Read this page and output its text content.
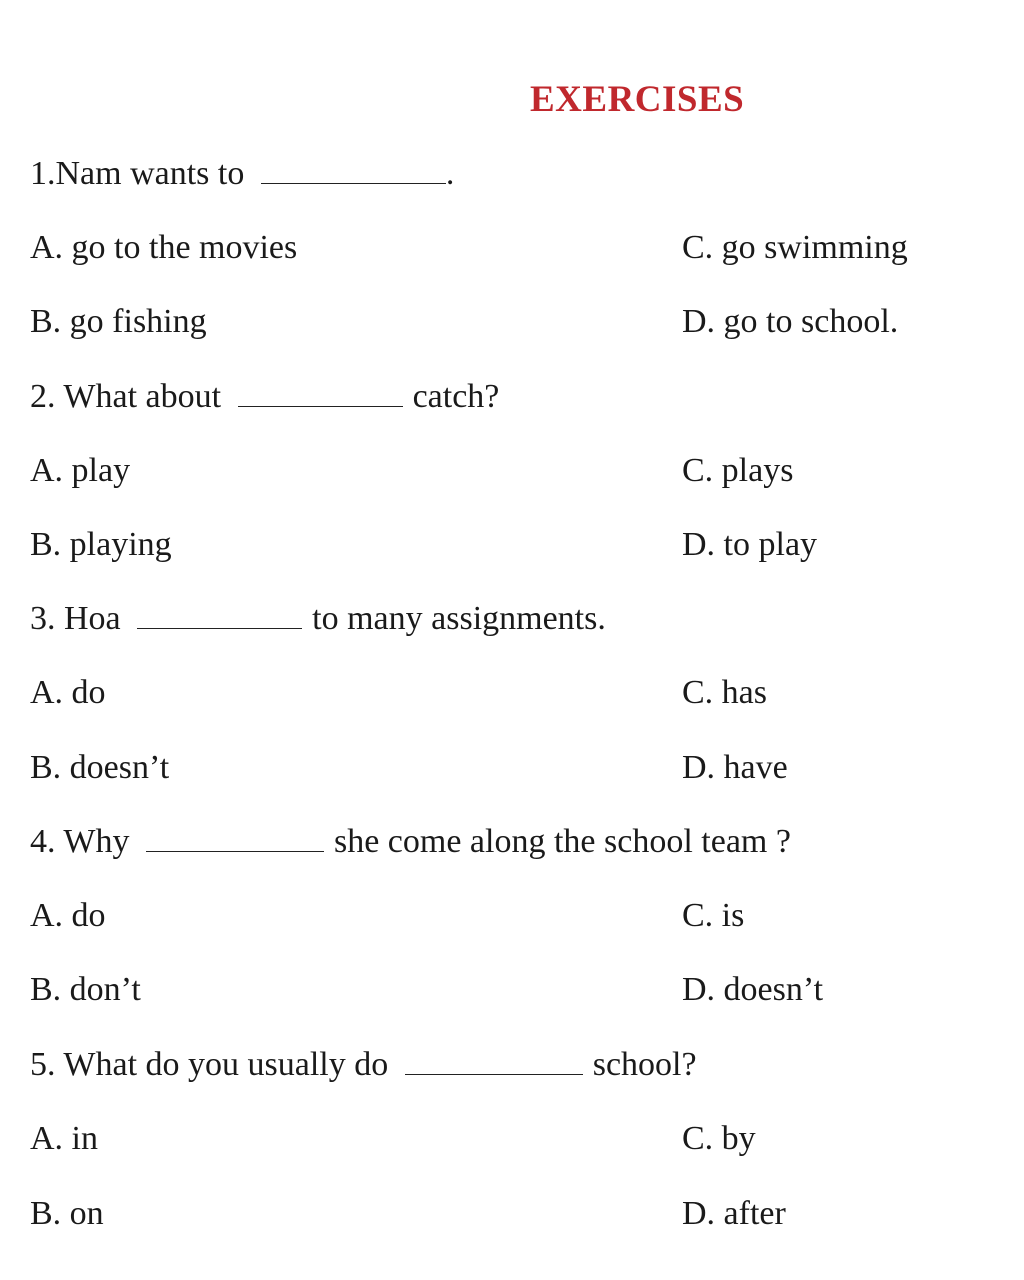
EXERCISES
1.Nam wants to	.
A. go to the movies	C. go swimming
B. go fishing	D. go to school.
2. What about	catch?
A. play	C. plays
B. playing	D. to play
3. Hoa	to many assignments.
A. do	C. has
B. doesn’t	D. have
4. Why	she come along the school team ?
A. do	C. is
B. don’t	D. doesn’t
5. What do you usually do	school?
A. in	C. by
B. on	D. after
